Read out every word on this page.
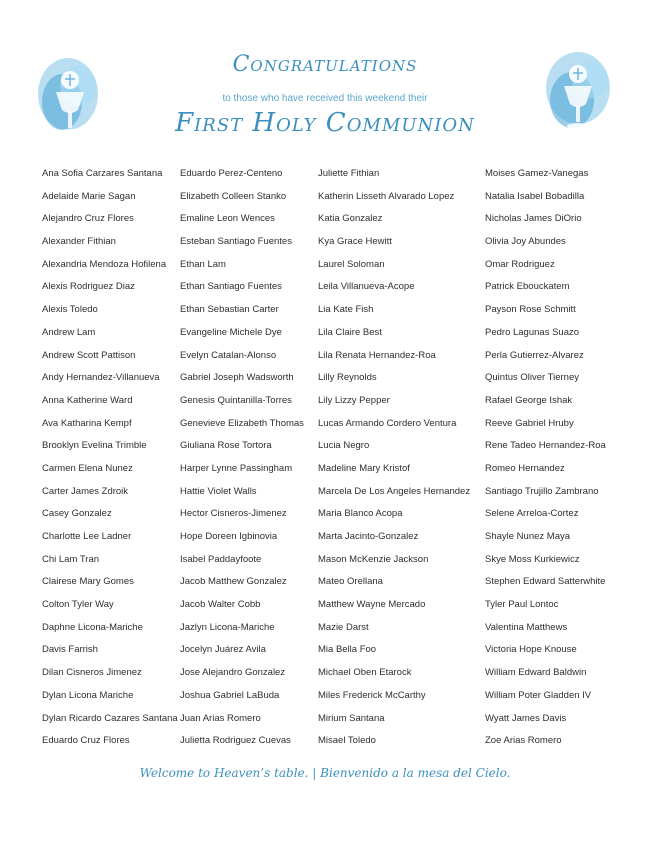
Congratulations
to those who have received this weekend their
First Holy Communion
Ana Sofia Carzares Santana
Adelaide Marie Sagan
Alejandro Cruz Flores
Alexander Fithian
Alexandria Mendoza Hofilena
Alexis Rodriguez Diaz
Alexis Toledo
Andrew Lam
Andrew Scott Pattison
Andy Hernandez-Villanueva
Anna Katherine Ward
Ava Katharina Kempf
Brooklyn Evelina Trimble
Carmen Elena Nunez
Carter James Zdroik
Casey Gonzalez
Charlotte Lee Ladner
Chi Lam Tran
Clairese Mary Gomes
Colton Tyler Way
Daphne Licona-Mariche
Davis Farrish
Dilan Cisneros Jimenez
Dylan Licona Mariche
Dylan Ricardo Cazares Santana
Eduardo Cruz Flores
Eduardo Perez-Centeno
Elizabeth Colleen Stanko
Emaline Leon Wences
Esteban Santiago Fuentes
Ethan Lam
Ethan Santiago Fuentes
Ethan Sebastian Carter
Evangeline Michele Dye
Evelyn Catalan-Alonso
Gabriel Joseph Wadsworth
Genesis Quintanilla-Torres
Genevieve Elizabeth Thomas
Giuliana Rose Tortora
Harper Lynne Passingham
Hattie Violet Walls
Hector Cisneros-Jimenez
Hope Doreen Igbinovia
Isabel Paddayfoote
Jacob Matthew Gonzalez
Jacob Walter Cobb
Jazlyn Licona-Mariche
Jocelyn Juárez Avila
Jose Alejandro Gonzalez
Joshua Gabriel LaBuda
Juan Arias Romero
Julietta Rodriguez Cuevas
Juliette Fithian
Katherin Lisseth Alvarado Lopez
Katia Gonzalez
Kya Grace Hewitt
Laurel Soloman
Leila Villanueva-Acope
Lia Kate Fish
Lila Claire Best
Lila Renata Hernandez-Roa
Lilly Reynolds
Lily Lizzy Pepper
Lucas Armando Cordero Ventura
Lucia Negro
Madeline Mary Kristof
Marcela De Los Angeles Hernandez
Maria Blanco Acopa
Marta Jacinto-Gonzalez
Mason McKenzie Jackson
Mateo Orellana
Matthew Wayne Mercado
Mazie Darst
Mia Bella Foo
Michael Oben Etarock
Miles Frederick McCarthy
Mirium Santana
Misael Toledo
Moises Gamez-Vanegas
Natalia Isabel Bobadilla
Nicholas James DiOrio
Olivia Joy Abundes
Omar Rodriguez
Patrick Ebouckatem
Payson Rose Schmitt
Pedro Lagunas Suazo
Perla Gutierrez-Alvarez
Quintus Oliver Tierney
Rafael George Ishak
Reeve Gabriel Hruby
Rene Tadeo Hernandez-Roa
Romeo Hernandez
Santiago Trujillo Zambrano
Selene Arreloa-Cortez
Shayle Nunez Maya
Skye Moss Kurkiewicz
Stephen Edward Satterwhite
Tyler Paul Lontoc
Valentina Matthews
Victoria Hope Knouse
William Edward Baldwin
William Poter Gladden IV
Wyatt James Davis
Zoe Arias Romero
Welcome to Heaven’s table. | Bienvenido a la mesa del Cielo.
